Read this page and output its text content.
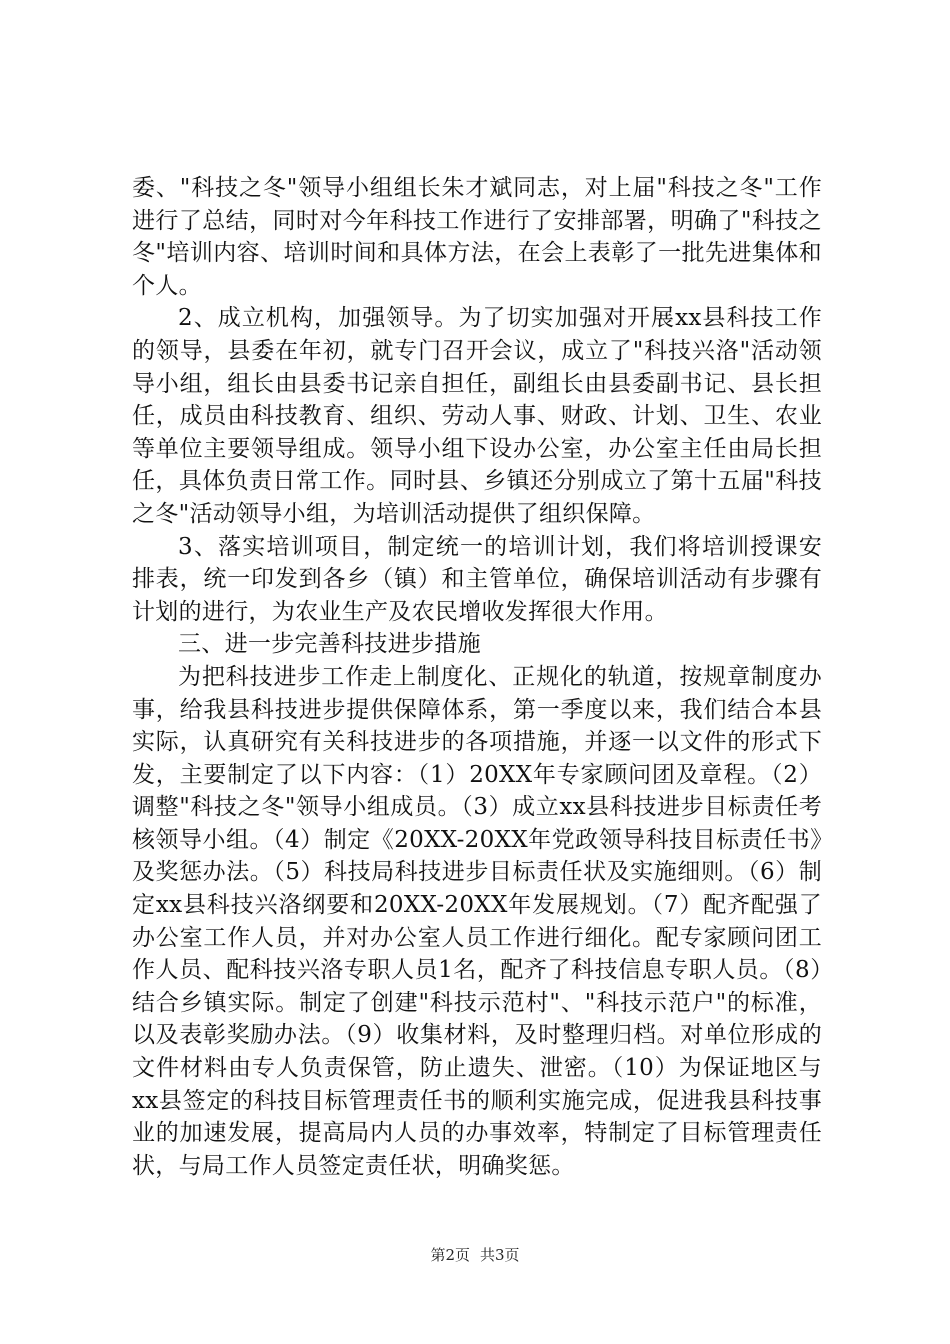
委、"科技之冬"领导小组组长朱才斌同志，对上届"科技之冬"工作进行了总结，同时对今年科技工作进行了安排部署，明确了"科技之冬"培训内容、培训时间和具体方法，在会上表彰了一批先进集体和个人。

2、成立机构，加强领导。为了切实加强对开展xx县科技工作的领导，县委在年初，就专门召开会议，成立了"科技兴洛"活动领导小组，组长由县委书记亲自担任，副组长由县委副书记、县长担任，成员由科技教育、组织、劳动人事、财政、计划、卫生、农业等单位主要领导组成。领导小组下设办公室，办公室主任由局长担任，具体负责日常工作。同时县、乡镇还分别成立了第十五届"科技之冬"活动领导小组，为培训活动提供了组织保障。

3、落实培训项目，制定统一的培训计划，我们将培训授课安排表，统一印发到各乡（镇）和主管单位，确保培训活动有步骤有计划的进行，为农业生产及农民增收发挥很大作用。

三、进一步完善科技进步措施

为把科技进步工作走上制度化、正规化的轨道，按规章制度办事，给我县科技进步提供保障体系，第一季度以来，我们结合本县实际，认真研究有关科技进步的各项措施，并逐一以文件的形式下发，主要制定了以下内容：（1）20XX年专家顾问团及章程。（2）调整"科技之冬"领导小组成员。（3）成立xx县科技进步目标责任考核领导小组。（4）制定《20XX-20XX年党政领导科技目标责任书》及奖惩办法。（5）科技局科技进步目标责任状及实施细则。（6）制定xx县科技兴洛纲要和20XX-20XX年发展规划。（7）配齐配强了办公室工作人员，并对办公室人员工作进行细化。配专家顾问团工作人员、配科技兴洛专职人员1名，配齐了科技信息专职人员。（8）结合乡镇实际。制定了创建"科技示范村"、"科技示范户"的标准，以及表彰奖励办法。（9）收集材料，及时整理归档。对单位形成的文件材料由专人负责保管，防止遗失、泄密。（10）为保证地区与xx县签定的科技目标管理责任书的顺利实施完成，促进我县科技事业的加速发展，提高局内人员的办事效率，特制定了目标管理责任状，与局工作人员签定责任状，明确奖惩。

第2页 共3页
